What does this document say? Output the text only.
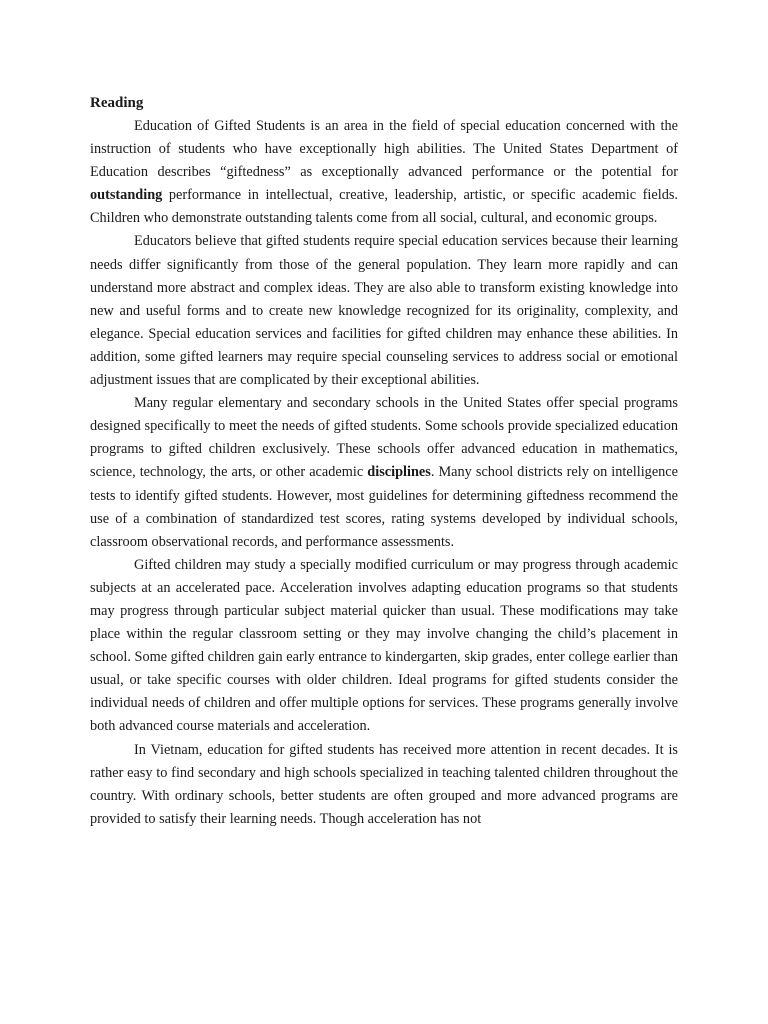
Reading

Education of Gifted Students is an area in the field of special education concerned with the instruction of students who have exceptionally high abilities. The United States Department of Education describes “giftedness” as exceptionally advanced performance or the potential for outstanding performance in intellectual, creative, leadership, artistic, or specific academic fields. Children who demonstrate outstanding talents come from all social, cultural, and economic groups.

Educators believe that gifted students require special education services because their learning needs differ significantly from those of the general population. They learn more rapidly and can understand more abstract and complex ideas. They are also able to transform existing knowledge into new and useful forms and to create new knowledge recognized for its originality, complexity, and elegance. Special education services and facilities for gifted children may enhance these abilities. In addition, some gifted learners may require special counseling services to address social or emotional adjustment issues that are complicated by their exceptional abilities.

Many regular elementary and secondary schools in the United States offer special programs designed specifically to meet the needs of gifted students. Some schools provide specialized education programs to gifted children exclusively. These schools offer advanced education in mathematics, science, technology, the arts, or other academic disciplines. Many school districts rely on intelligence tests to identify gifted students. However, most guidelines for determining giftedness recommend the use of a combination of standardized test scores, rating systems developed by individual schools, classroom observational records, and performance assessments.

Gifted children may study a specially modified curriculum or may progress through academic subjects at an accelerated pace. Acceleration involves adapting education programs so that students may progress through particular subject material quicker than usual. These modifications may take place within the regular classroom setting or they may involve changing the child’s placement in school. Some gifted children gain early entrance to kindergarten, skip grades, enter college earlier than usual, or take specific courses with older children. Ideal programs for gifted students consider the individual needs of children and offer multiple options for services. These programs generally involve both advanced course materials and acceleration.

In Vietnam, education for gifted students has received more attention in recent decades. It is rather easy to find secondary and high schools specialized in teaching talented children throughout the country. With ordinary schools, better students are often grouped and more advanced programs are provided to satisfy their learning needs. Though acceleration has not
